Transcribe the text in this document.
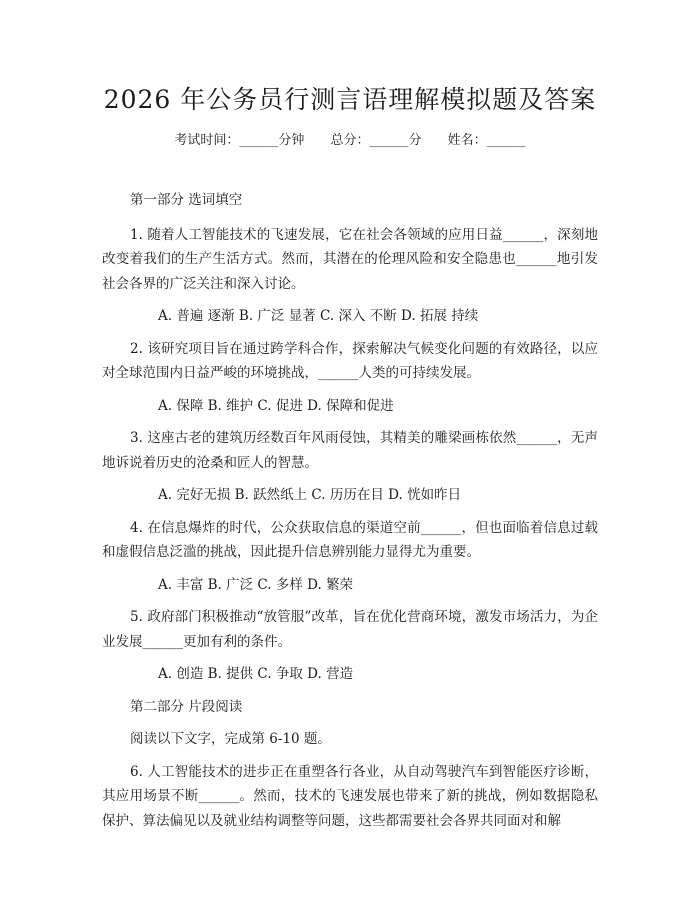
2026 年公务员行测言语理解模拟题及答案
考试时间：______分钟 总分：______分 姓名：______

第一部分 选词填空

1. 随着人工智能技术的飞速发展，它在社会各领域的应用日益______，深刻地改变着我们的生产生活方式。然而，其潜在的伦理风险和安全隐患也______地引发社会各界的广泛关注和深入讨论。

A. 普遍 逐渐 B. 广泛 显著 C. 深入 不断 D. 拓展 持续

2. 该研究项目旨在通过跨学科合作，探索解决气候变化问题的有效路径，以应对全球范围内日益严峻的环境挑战，______人类的可持续发展。

A. 保障 B. 维护 C. 促进 D. 保障和促进

3. 这座古老的建筑历经数百年风雨侵蚀，其精美的雕梁画栋依然______，无声地诉说着历史的沧桑和匠人的智慧。

A. 完好无损 B. 跃然纸上 C. 历历在目 D. 恍如昨日

4. 在信息爆炸的时代，公众获取信息的渠道空前______，但也面临着信息过载和虚假信息泛滥的挑战，因此提升信息辨别能力显得尤为重要。

A. 丰富 B. 广泛 C. 多样 D. 繁荣

5. 政府部门积极推动“放管服”改革，旨在优化营商环境，激发市场活力，为企业发展______更加有利的条件。

A. 创造 B. 提供 C. 争取 D. 营造

第二部分 片段阅读

阅读以下文字，完成第 6-10 题。

6. 人工智能技术的进步正在重塑各行各业，从自动驾驶汽车到智能医疗诊断，其应用场景不断______。然而，技术的飞速发展也带来了新的挑战，例如数据隐私保护、算法偏见以及就业结构调整等问题，这些都需要社会各界共同面对和解
